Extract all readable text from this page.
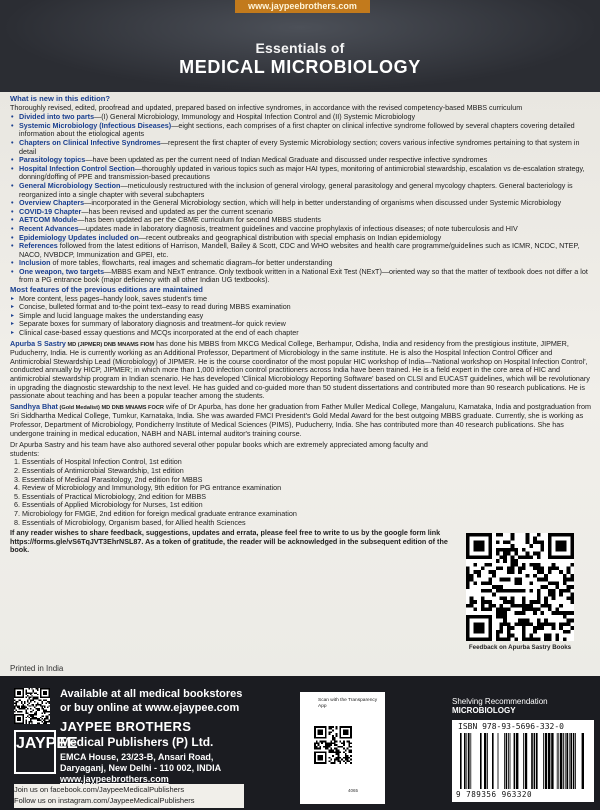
www.jaypeebrothers.com
Essentials of
MEDICAL MICROBIOLOGY

What is new in this edition?

Thoroughly revised, edited, proofread and updated, prepared based on infective syndromes, in accordance with the revised competency-based MBBS curriculum

• Divided into two parts—(I) General Microbiology, Immunology and Hospital Infection Control and (II) Systemic Microbiology
• Systemic Microbiology (Infectious Diseases)—eight sections, each comprises of a first chapter on clinical infective syndrome followed by several chapters covering detailed information about the etiological agents
• Chapters on Clinical Infective Syndromes—represent the first chapter of every Systemic Microbiology section; covers various infective syndromes pertaining to that system in detail
• Parasitology topics—have been updated as per the current need of Indian Medical Graduate and discussed under respective infective syndromes
• Hospital Infection Control Section—thoroughly updated in various topics such as major HAI types, monitoring of antimicrobial stewardship, escalation vs de-escalation strategy, donning/doffing of PPE and transmission-based precautions
• General Microbiology Section—meticulously restructured with the inclusion of general virology, general parasitology and general mycology chapters. General bacteriology is reorganized into a single chapter with several subchapters
• Overview Chapters—incorporated in the General Microbiology section, which will help in better understanding of organisms when discussed under Systemic Microbiology
• COVID-19 Chapter—has been revised and updated as per the current scenario
• AETCOM Module—has been updated as per the CBME curriculum for second MBBS students
• Recent Advances—updates made in laboratory diagnosis, treatment guidelines and vaccine prophylaxis of infectious diseases; of note tuberculosis and HIV
• Epidemiology Updates included on—recent outbreaks and geographical distribution with special emphasis on Indian epidemiology
• References followed from the latest editions of Harrison, Mandell, Bailey & Scott, CDC and WHO websites and health care programme/guidelines such as ICMR, NCDC, NTEP, NACO, NVBDCP, Immunization and GPEI, etc.
• Inclusion of more tables, flowcharts, real images and schematic diagram–for better understanding
• One weapon, two targets—MBBS exam and NExT entrance. Only textbook written in a National Exit Test (NExT)—oriented way so that the matter of textbook does not differ a lot from a PG entrance book (major deficiency with all other Indian UG textbooks).

Most features of the previous editions are maintained

▸ More content, less pages–handy look, saves student's time
▸ Concise, bulleted format and to-the point text–easy to read during MBBS examination
▸ Simple and lucid language makes the understanding easy
▸ Separate boxes for summary of laboratory diagnosis and treatment–for quick review
▸ Clinical case-based essay questions and MCQs incorporated at the end of each chapter

Apurba S Sastry MD (JIPMER) DNB MNAMS FIOM has done his MBBS from MKCG Medical College, Berhampur, Odisha, India and residency from the prestigious institute, JIPMER, Puducherry, India. He is currently working as an Additional Professor, Department of Microbiology in the same institute. He is also the Hospital Infection Control Officer and Antimicrobial Stewardship Lead (Microbiology) of JIPMER. He is the course coordinator of the most popular HIC workshop of India—'National workshop on Hospital Infection Control', conducted annually by HICP, JIPMER; in which more than 1,000 infection control practitioners across India have been trained. He is a field expert in the core area of HIC and antimicrobial stewardship program in Indian scenario. He has developed 'Clinical Microbiology Reporting Software' based on CLSI and EUCAST guidelines, which will be revolutionary in upgrading the diagnostic stewardship to the next level. He has guided and co-guided more than 50 student dissertations and contributed more than 90 research publications. He is passionate about teaching and has been a popular teacher among the students.

Sandhya Bhat (Gold Medalist) MD DNB MNAMS FOCR wife of Dr Apurba, has done her graduation from Father Muller Medical College, Mangaluru, Karnataka, India and postgraduation from Sri Siddhartha Medical College, Tumkur, Karnataka, India. She was awarded FMCI President's Gold Medal Award for the best outgoing MBBS graduate. Currently, she is working as Professor, Department of Microbiology, Pondicherry Institute of Medical Sciences (PIMS), Puducherry, India. She has contributed more than 40 research publications. She has undergone training in medical education, NABH and NABL internal auditor's training course.

Dr Apurba Sastry and his team have also authored several other popular books which are extremely appreciated among faculty and students:
1. Essentials of Hospital Infection Control, 1st edition
2. Essentials of Antimicrobial Stewardship, 1st edition
3. Essentials of Medical Parasitology, 2nd edition for MBBS
4. Review of Microbiology and Immunology, 9th edition for PG entrance examination
5. Essentials of Practical Microbiology, 2nd edition for MBBS
6. Essentials of Applied Microbiology for Nurses, 1st edition
7. Microbiology for FMGE, 2nd edition for foreign medical graduate entrance examination
8. Essentials of Microbiology, Organism based, for Allied health Sciences
If any reader wishes to share feedback, suggestions, updates and errata, please feel free to write to us by the google form link https://forms.gle/vS6TqJVT3EhrNSL87. As a token of gratitude, the reader will be acknowledged in the subsequent edition of the book.
Feedback on Apurba Sastry Books
Printed in India
Available at all medical bookstores
or buy online at www.ejaypee.com
JAYPEE BROTHERS
Medical Publishers (P) Ltd.
EMCA House, 23/23-B, Ansari Road,
Daryaganj, New Delhi - 110 002, INDIA
www.jaypeebrothers.com
JAYPEE
Join us on facebook.com/JaypeeMedicalPublishers
Follow us on instagram.com/JaypeeMedicalPublishers
Scan with the Transparency App
4065
Shelving Recommendation
MICROBIOLOGY
ISBN 978-93-5696-332-0
9 789356 963320
